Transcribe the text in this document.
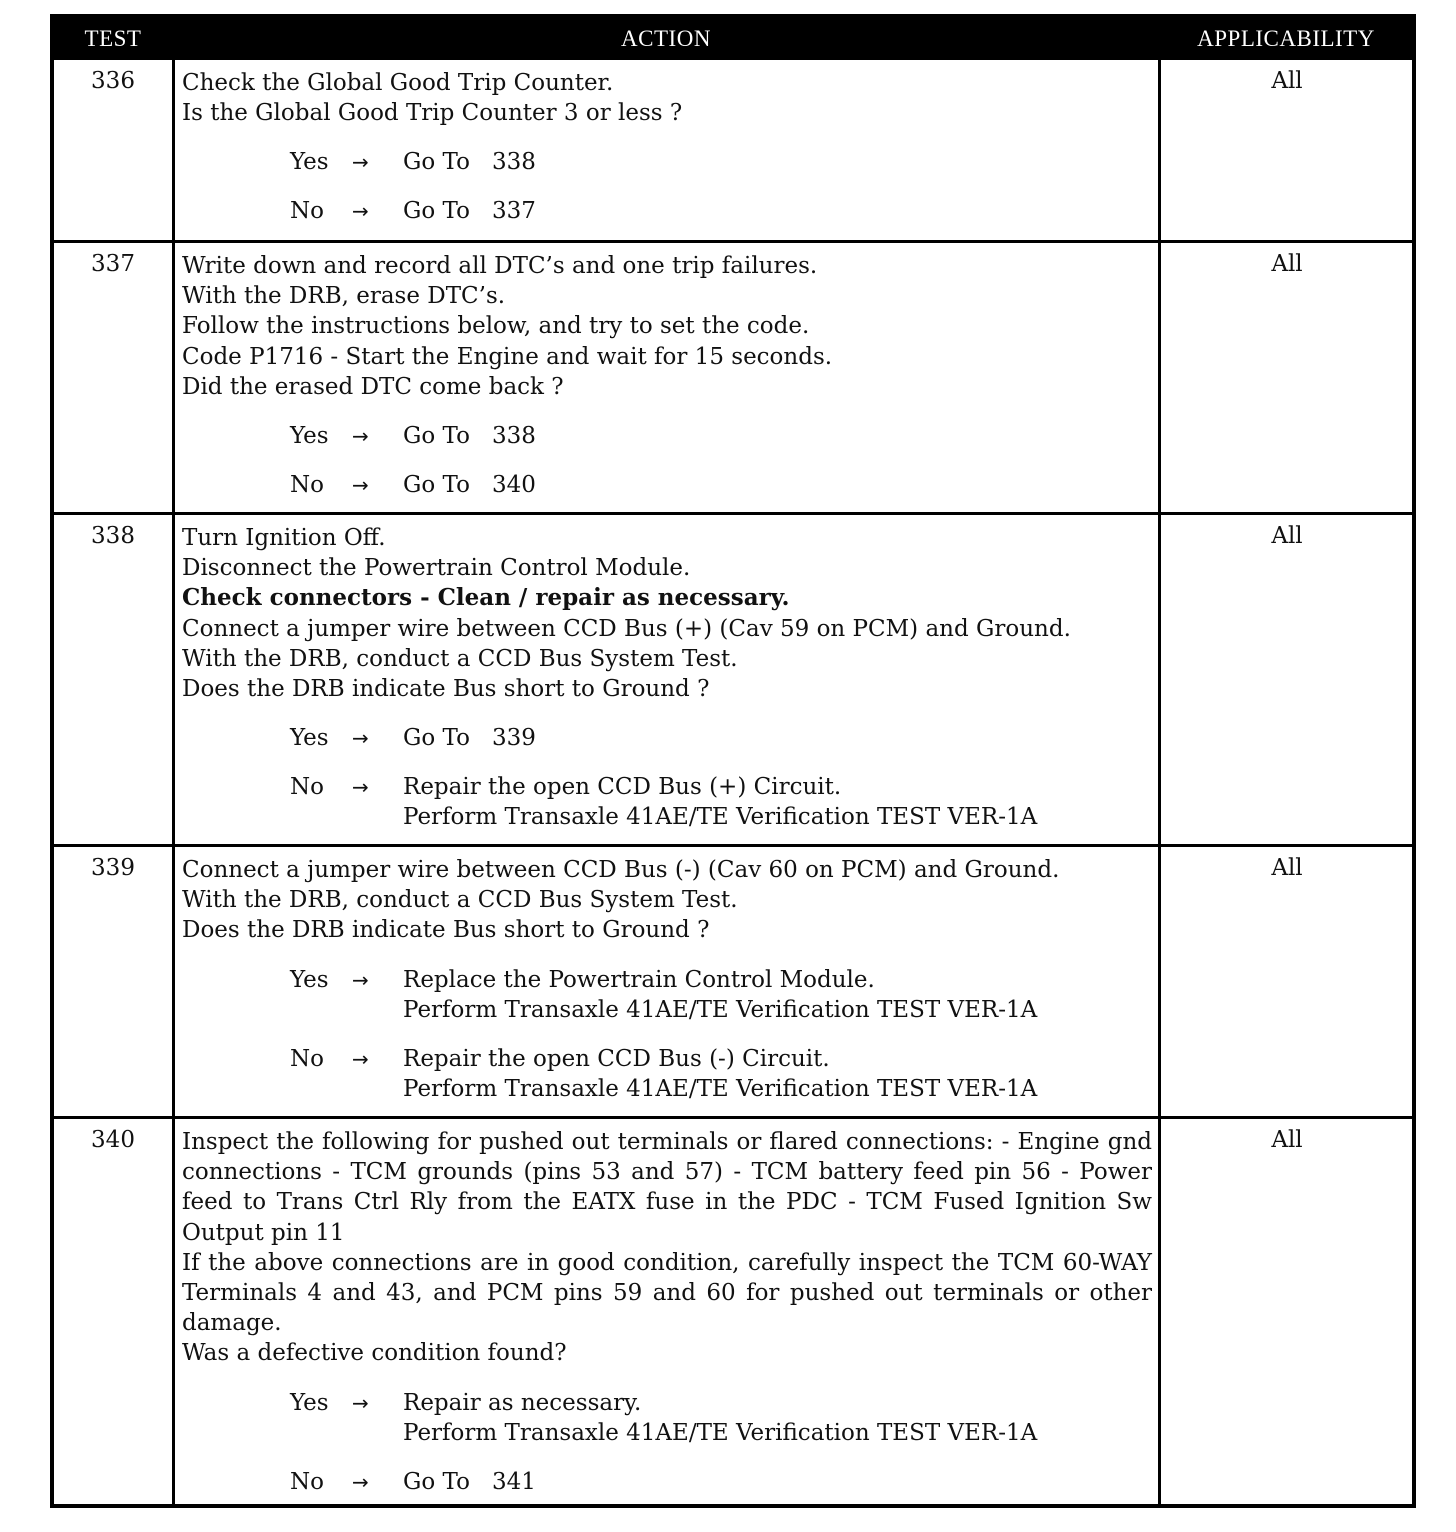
TEST	ACTION	APPLICABILITY
336	Check the Global Good Trip Counter.
Is the Global Good Trip Counter 3 or less ?
Yes → Go To 338
No → Go To 337
All
337	Write down and record all DTC’s and one trip failures.
With the DRB, erase DTC’s.
Follow the instructions below, and try to set the code.
Code P1716 - Start the Engine and wait for 15 seconds.
Did the erased DTC come back ?
Yes → Go To 338
No → Go To 340
All
338	Turn Ignition Off.
Disconnect the Powertrain Control Module.
Check connectors - Clean / repair as necessary.
Connect a jumper wire between CCD Bus (+) (Cav 59 on PCM) and Ground.
With the DRB, conduct a CCD Bus System Test.
Does the DRB indicate Bus short to Ground ?
Yes → Go To 339
No → Repair the open CCD Bus (+) Circuit.
Perform Transaxle 41AE/TE Verification TEST VER-1A
All
339	Connect a jumper wire between CCD Bus (-) (Cav 60 on PCM) and Ground.
With the DRB, conduct a CCD Bus System Test.
Does the DRB indicate Bus short to Ground ?
Yes → Replace the Powertrain Control Module.
Perform Transaxle 41AE/TE Verification TEST VER-1A
No → Repair the open CCD Bus (-) Circuit.
Perform Transaxle 41AE/TE Verification TEST VER-1A
All
340	Inspect the following for pushed out terminals or flared connections: - Engine gnd connections - TCM grounds (pins 53 and 57) - TCM battery feed pin 56 - Power feed to Trans Ctrl Rly from the EATX fuse in the PDC - TCM Fused Ignition Sw Output pin 11
If the above connections are in good condition, carefully inspect the TCM 60-WAY Terminals 4 and 43, and PCM pins 59 and 60 for pushed out terminals or other damage.
Was a defective condition found?
Yes → Repair as necessary.
Perform Transaxle 41AE/TE Verification TEST VER-1A
No → Go To 341
All
